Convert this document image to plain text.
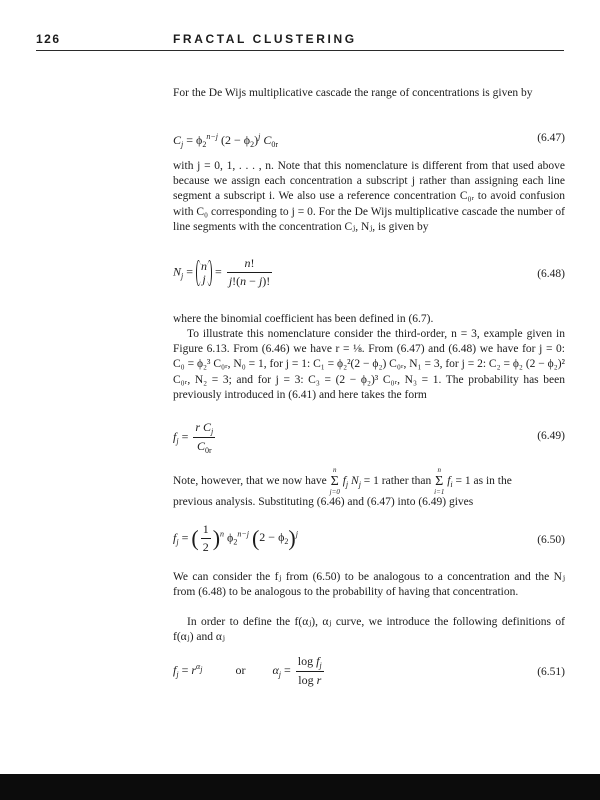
126	FRACTAL CLUSTERING

For the De Wijs multiplicative cascade the range of concentrations is given by

$C_j = \phi_2^{n-j}$ $(2 - \phi_2)^j$ $C_{0r}$
(6.47)

with j = 0, 1, . . . , n. Note that this nomenclature is different from that used above because we assign each concentration a subscript j rather than assigning each line segment a subscript i. We also use a reference concentration C₀ᵣ to avoid confusion with C₀ corresponding to j = 0. For the De Wijs multiplicative cascade the number of line segments with the concentration Cⱼ, Nⱼ, is given by

$N_j = n$
j
= $\frac{n!}{j!(n - j)!}$	(6.48)

where the binomial coefficient has been defined in (6.7).

To illustrate this nomenclature consider the third-order, n = 3, example given in Figure 6.13. From (6.46) we have r = ⅛. From (6.47) and (6.48) we have for j = 0: C₀ = ϕ₂³ C₀ᵣ, N₀ = 1, for j = 1: C₁ = ϕ₂²(2 − ϕ₂) C₀ᵣ, N₁ = 3, for j = 2: C₂ = ϕ₂ (2 − ϕ₂)² C₀ᵣ, N₂ = 3; and for j = 3: C₃ = (2 − ϕ₂)³ C₀ᵣ, N₃ = 1. The probability has been previously introduced in (6.41) and here takes the form

$f_j = \frac{r C_j}{C_{0r}}$	(6.49)
Note, however, that we now have
n
Σ
j=0
$f_j$ $N_j = 1$ rather than
n
Σ
i=1
$f_i = 1$ as in the

previous analysis. Substituting (6.46) and (6.47) into (6.49) gives

$f_j$ = ( $\frac{1}{2} )^n$ $\phi_2^{n-j}$ $(2 - \phi_2)^j$
(6.50)

We can consider the fⱼ from (6.50) to be analogous to a concentration and the Nⱼ from (6.48) to be analogous to the probability of having that concentration.

In order to define the f(αⱼ), αⱼ curve, we introduce the following definitions of f(αⱼ) and αⱼ

$f_j = r^{\alpha_j}$	or $\alpha_j = \frac{\log f_j}{\text{log r}}$	(6.51)
